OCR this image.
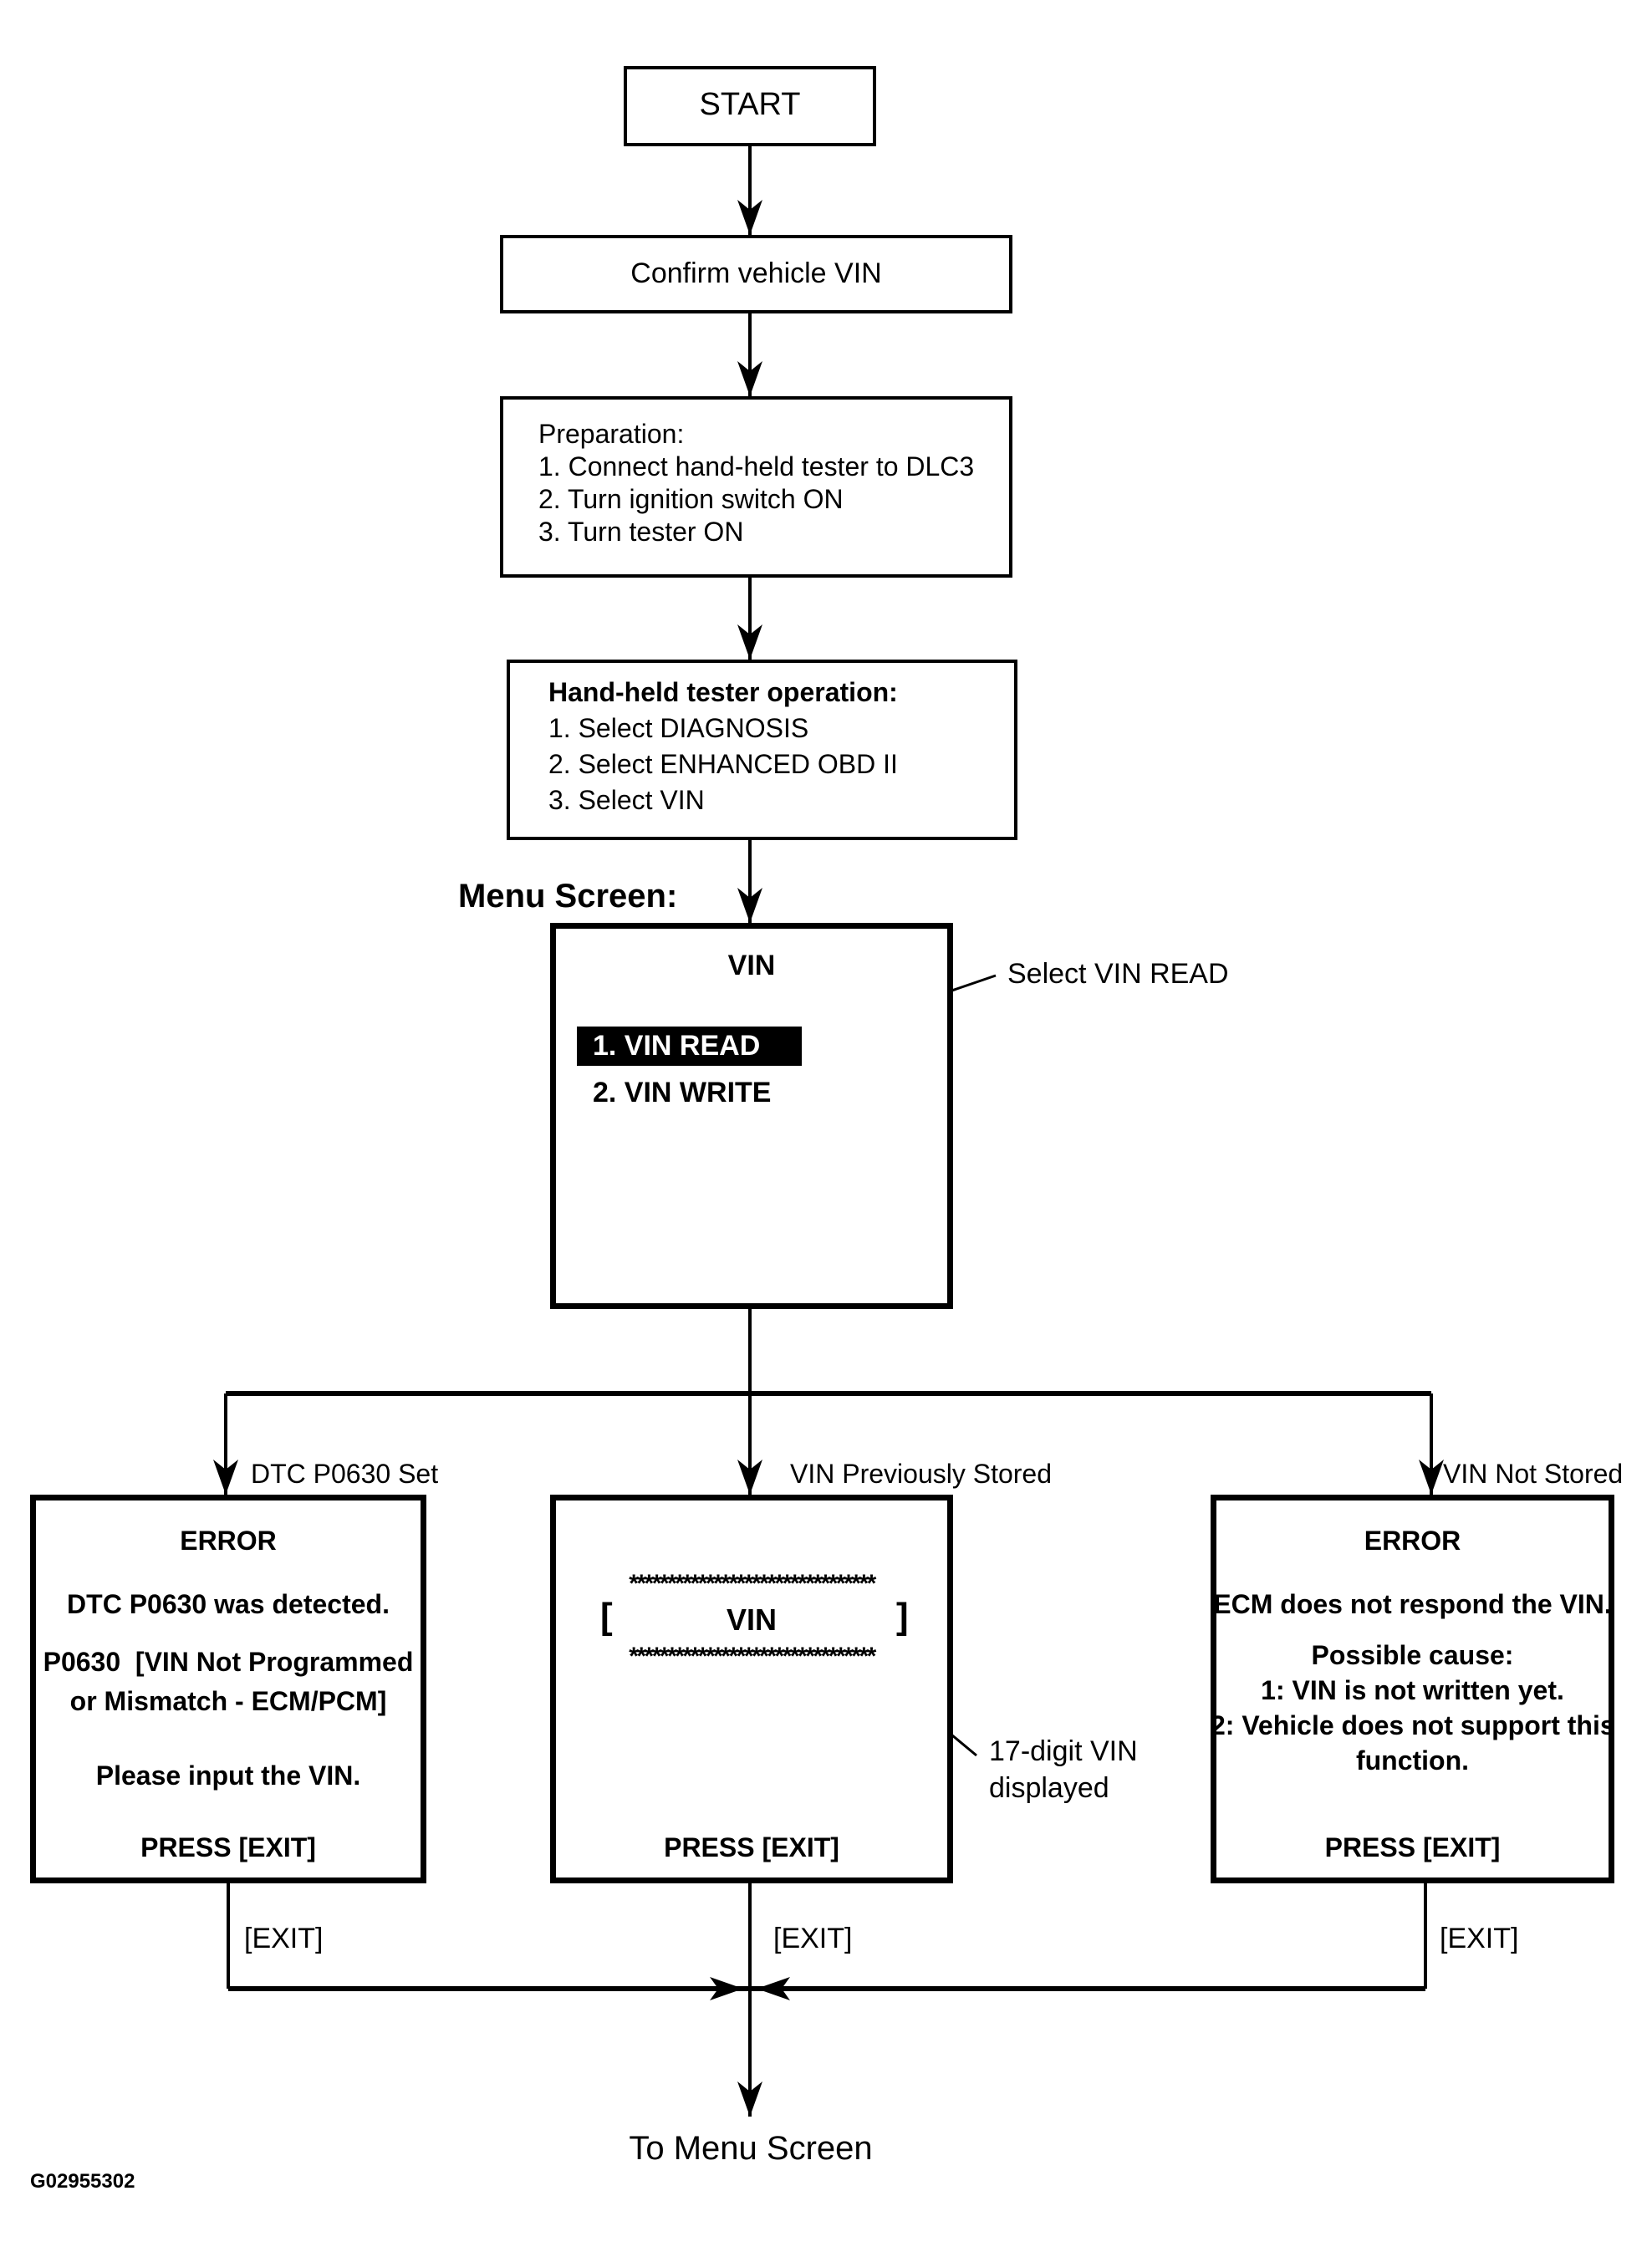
START
Confirm vehicle VIN
Preparation:
1. Connect hand-held tester to DLC3
2. Turn ignition switch ON
3. Turn tester ON
Hand-held tester operation:
1. Select DIAGNOSIS
2. Select ENHANCED OBD II
3. Select VIN
Menu Screen:
VIN
1. VIN READ
2. VIN WRITE
Select VIN READ
DTC P0630 Set	VIN Previously Stored	VIN Not Stored
ERROR
DTC P0630 was detected.
P0630  [VIN Not Programmed
or Mismatch - ECM/PCM]
Please input the VIN.
PRESS [EXIT]
********************************
[	VIN	]
********************************
PRESS [EXIT]
17-digit VIN
displayed
ERROR
ECM does not respond the VIN.
Possible cause:
1: VIN is not written yet.
2: Vehicle does not support this
function.
PRESS [EXIT]
[EXIT]	[EXIT]	[EXIT]
To Menu Screen
G02955302
